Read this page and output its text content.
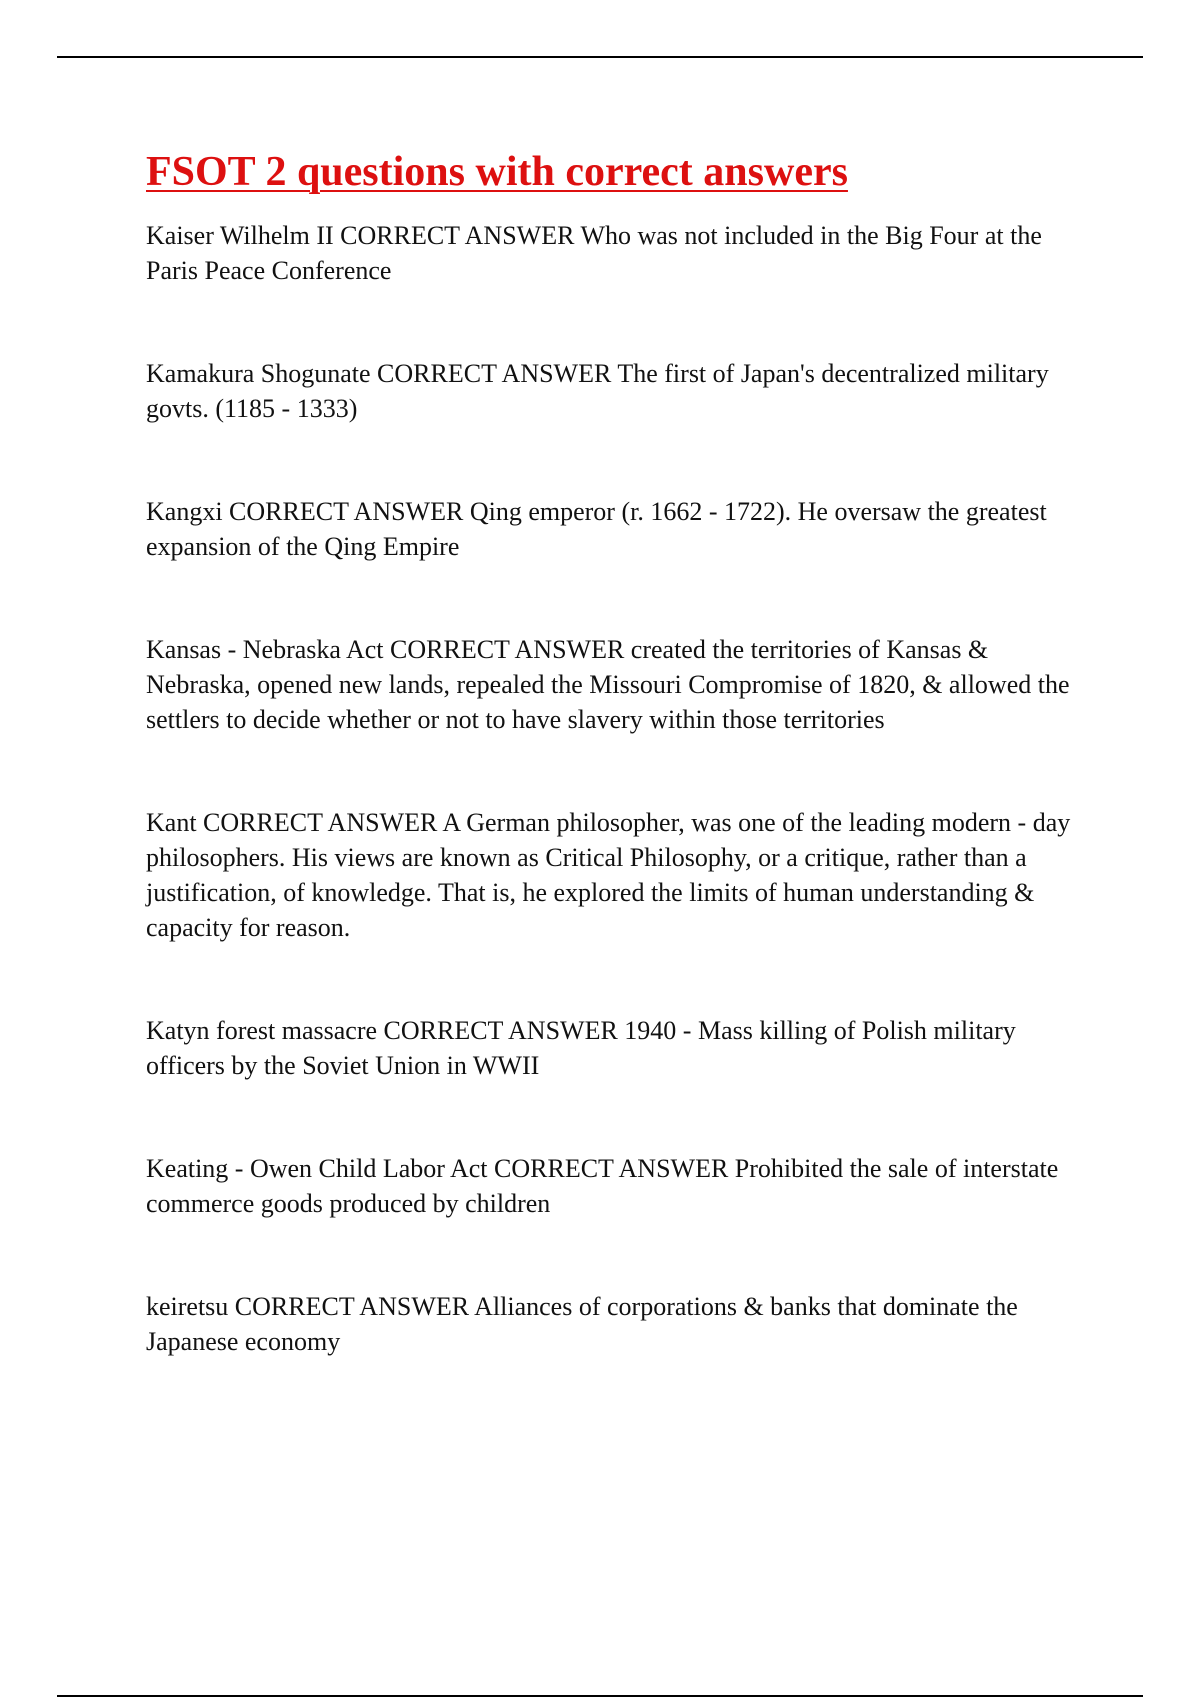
FSOT 2 questions with correct answers
Kaiser Wilhelm II CORRECT ANSWER Who was not included in the Big Four at the Paris Peace Conference
Kamakura Shogunate CORRECT ANSWER The first of Japan's decentralized military govts. (1185 - 1333)
Kangxi CORRECT ANSWER Qing emperor (r. 1662 - 1722). He oversaw the greatest expansion of the Qing Empire
Kansas - Nebraska Act CORRECT ANSWER created the territories of Kansas & Nebraska, opened new lands, repealed the Missouri Compromise of 1820, & allowed the settlers to decide whether or not to have slavery within those territories
Kant CORRECT ANSWER A German philosopher, was one of the leading modern - day philosophers. His views are known as Critical Philosophy, or a critique, rather than a justification, of knowledge. That is, he explored the limits of human understanding & capacity for reason.
Katyn forest massacre CORRECT ANSWER 1940 - Mass killing of Polish military officers by the Soviet Union in WWII
Keating - Owen Child Labor Act CORRECT ANSWER Prohibited the sale of interstate commerce goods produced by children
keiretsu CORRECT ANSWER Alliances of corporations & banks that dominate the Japanese economy
